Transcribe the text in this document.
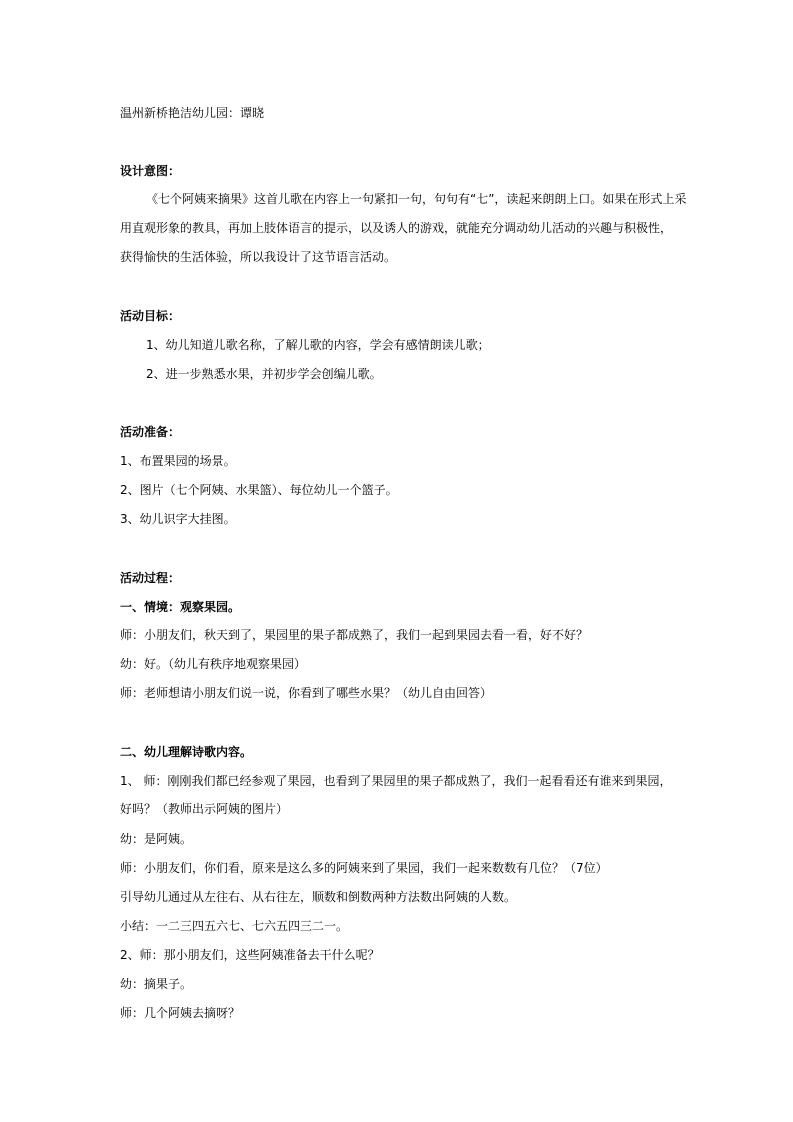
温州新桥艳洁幼儿园：谭晓
设计意图：
《七个阿姨来摘果》这首儿歌在内容上一句紧扣一句，句句有“七”，读起来朗朗上口。如果在形式上采
用直观形象的教具，再加上肢体语言的提示，以及诱人的游戏，就能充分调动幼儿活动的兴趣与积极性，
获得愉快的生活体验，所以我设计了这节语言活动。
活动目标：
1、幼儿知道儿歌名称，了解儿歌的内容，学会有感情朗读儿歌；
2、进一步熟悉水果，并初步学会创编儿歌。
活动准备：
1、布置果园的场景。
2、图片（七个阿姨、水果篮）、每位幼儿一个篮子。
3、幼儿识字大挂图。
活动过程：
一、情境：观察果园。
师：小朋友们，秋天到了，果园里的果子都成熟了，我们一起到果园去看一看，好不好？
幼：好。（幼儿有秩序地观察果园）
师：老师想请小朋友们说一说，你看到了哪些水果？（幼儿自由回答）
二、幼儿理解诗歌内容。
1、 师：刚刚我们都已经参观了果园，也看到了果园里的果子都成熟了，我们一起看看还有谁来到果园，
好吗？（教师出示阿姨的图片）
幼：是阿姨。
师：小朋友们，你们看，原来是这么多的阿姨来到了果园，我们一起来数数有几位？（7位）
引导幼儿通过从左往右、从右往左，顺数和倒数两种方法数出阿姨的人数。
小结：一二三四五六七、七六五四三二一。
2、师：那小朋友们，这些阿姨准备去干什么呢？
幼：摘果子。
师：几个阿姨去摘呀？
